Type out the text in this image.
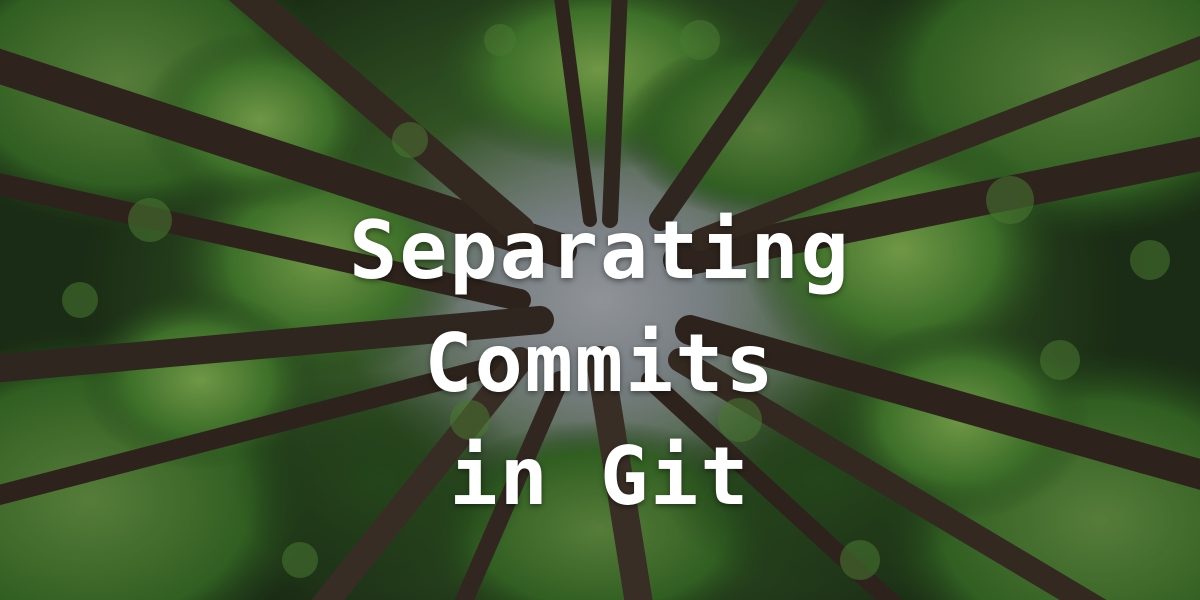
Separating
Commits
in Git
